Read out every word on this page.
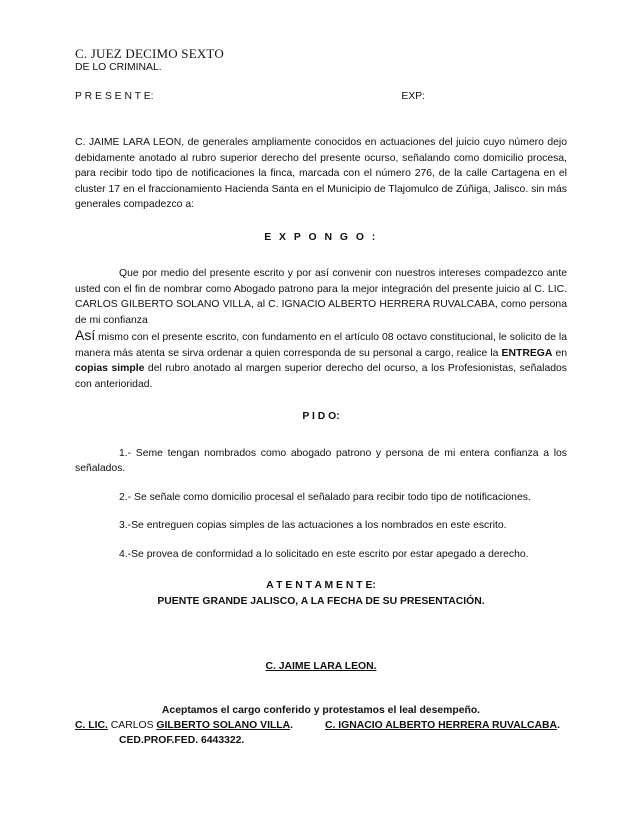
C. JUEZ DECIMO SEXTO
DE LO CRIMINAL.
P R E S E N T E:	EXP:

C. JAIME LARA LEON, de generales ampliamente conocidos en actuaciones del juicio cuyo número dejo debidamente anotado al rubro superior derecho del presente ocurso, señalando como domicilio procesa, para recibir todo tipo de notificaciones la finca, marcada con el número 276, de la calle Cartagena en el cluster 17 en el fraccionamiento Hacienda Santa en el Municipio de Tlajomulco de Zúñiga, Jalisco. sin más generales compadezco a:

E X P O N G O :

Que por medio del presente escrito y por así convenir con nuestros intereses compadezco ante usted con el fin de nombrar como Abogado patrono para la mejor integración del presente juicio al C. LIC. CARLOS GILBERTO SOLANO VILLA, al C. IGNACIO ALBERTO HERRERA RUVALCABA, como persona de mi confianza

Así mismo con el presente escrito, con fundamento en el artículo 08 octavo constitucional, le solicito de la manera más atenta se sirva ordenar a quien corresponda de su personal a cargo, realice la ENTREGA en copias simple del rubro anotado al margen superior derecho del ocurso, a los Profesionistas, señalados con anterioridad.

P I D O:

1.- Seme tengan nombrados como abogado patrono y persona de mi entera confianza a los señalados.

2.- Se señale como domicilio procesal el señalado para recibir todo tipo de notificaciones.

3.-Se entreguen copias simples de las actuaciones a los nombrados en este escrito.

4.-Se provea de conformidad a lo solicitado en este escrito por estar apegado a derecho.

A T E N T A M E N T E:

PUENTE GRANDE JALISCO, A LA FECHA DE SU PRESENTACIÓN.

C. JAIME LARA LEON.

Aceptamos el cargo conferido y protestamos el leal desempeño.

C. LIC. CARLOS GILBERTO SOLANO VILLA.	C. IGNACIO ALBERTO HERRERA RUVALCABA.

CED.PROF.FED. 6443322.
